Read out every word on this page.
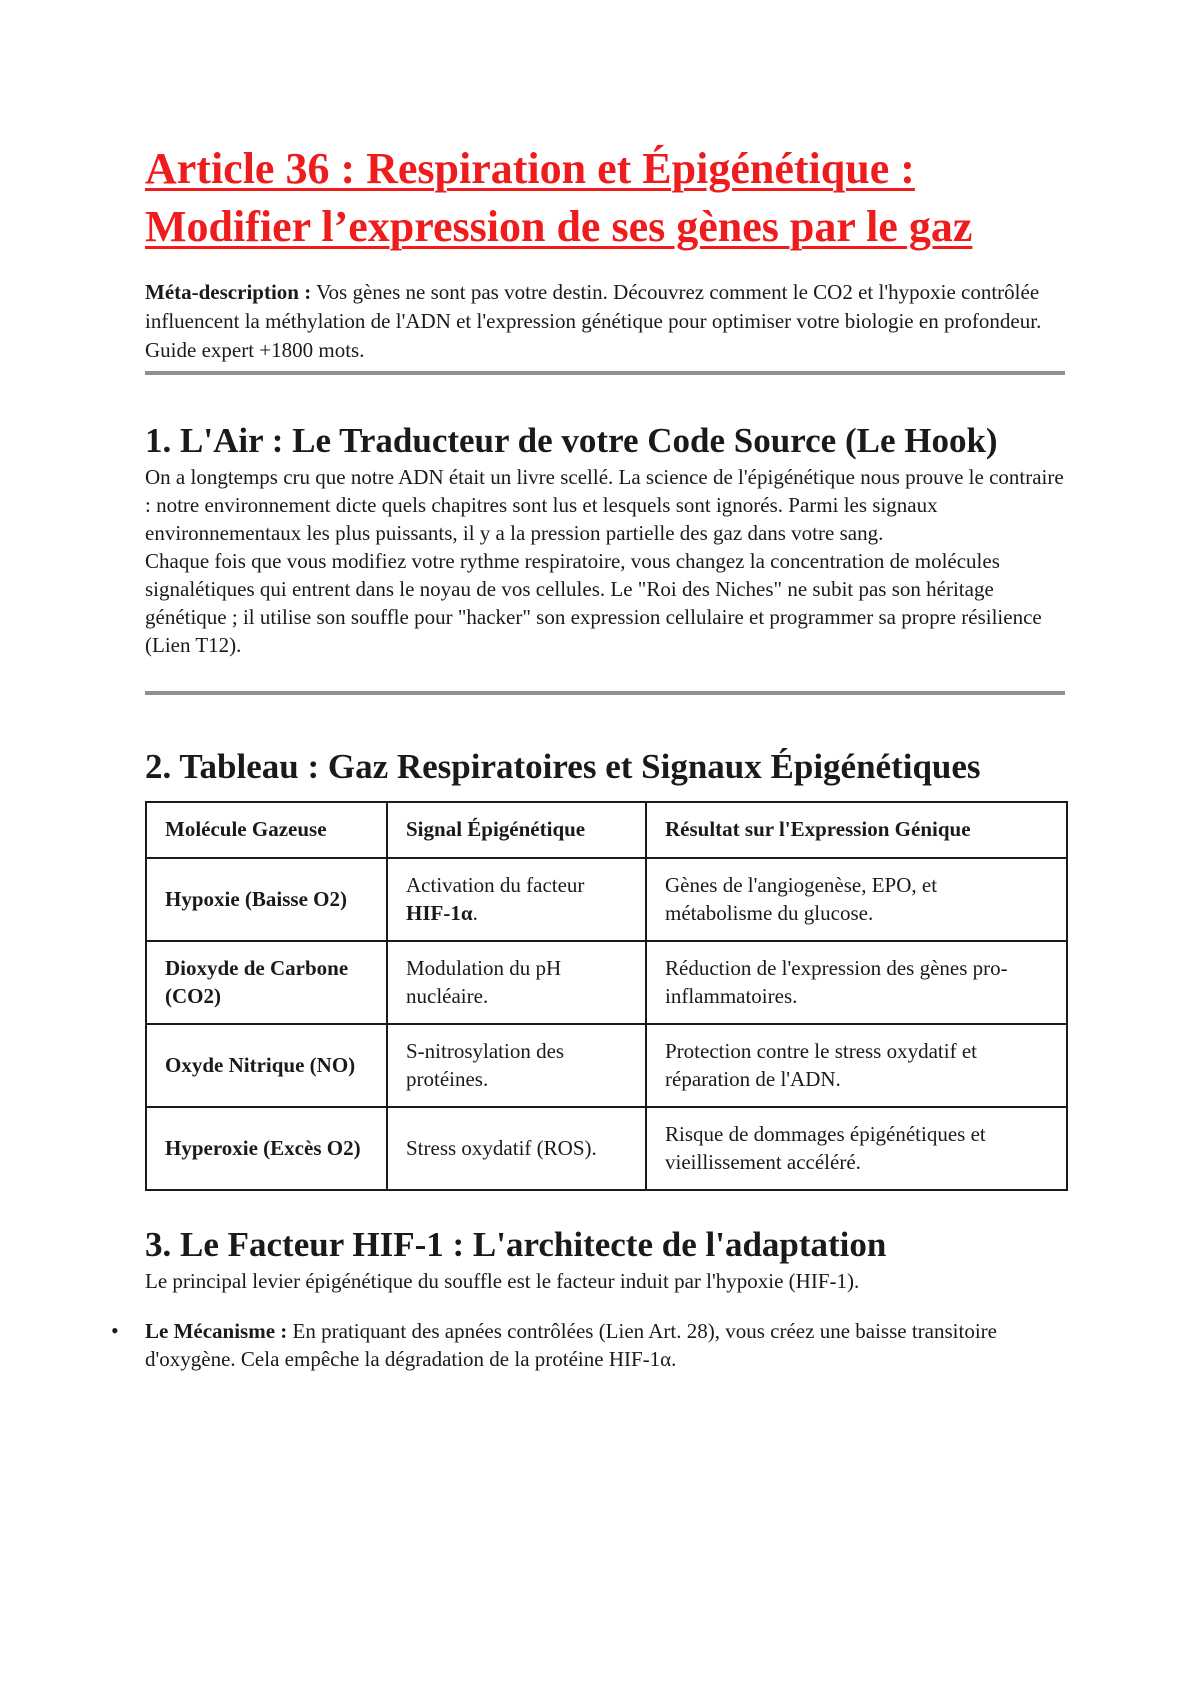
Article 36 : Respiration et Épigénétique :
Modifier l’expression de ses gènes par le gaz

Méta-description : Vos gènes ne sont pas votre destin. Découvrez comment le CO2 et l'hypoxie contrôlée influencent la méthylation de l'ADN et l'expression génétique pour optimiser votre biologie en profondeur. Guide expert +1800 mots.

1. L'Air : Le Traducteur de votre Code Source (Le Hook)

On a longtemps cru que notre ADN était un livre scellé. La science de l'épigénétique nous prouve le contraire : notre environnement dicte quels chapitres sont lus et lesquels sont ignorés. Parmi les signaux environnementaux les plus puissants, il y a la pression partielle des gaz dans votre sang.

Chaque fois que vous modifiez votre rythme respiratoire, vous changez la concentration de molécules signalétiques qui entrent dans le noyau de vos cellules. Le "Roi des Niches" ne subit pas son héritage génétique ; il utilise son souffle pour "hacker" son expression cellulaire et programmer sa propre résilience (Lien T12).

2. Tableau : Gaz Respiratoires et Signaux Épigénétiques
Molécule Gazeuse	Signal Épigénétique	Résultat sur l'Expression Génique
Hypoxie (Baisse O2)	Activation du facteur HIF-1α.	Gènes de l'angiogenèse, EPO, et métabolisme du glucose.
Dioxyde de Carbone (CO2)	Modulation du pH nucléaire.	Réduction de l'expression des gènes pro-inflammatoires.
Oxyde Nitrique (NO)	S-nitrosylation des protéines.	Protection contre le stress oxydatif et réparation de l'ADN.
Hyperoxie (Excès O2)	Stress oxydatif (ROS).	Risque de dommages épigénétiques et vieillissement accéléré.
3. Le Facteur HIF-1 : L'architecte de l'adaptation

Le principal levier épigénétique du souffle est le facteur induit par l'hypoxie (HIF-1).

• Le Mécanisme : En pratiquant des apnées contrôlées (Lien Art. 28), vous créez une baisse transitoire d'oxygène. Cela empêche la dégradation de la protéine HIF-1α.
